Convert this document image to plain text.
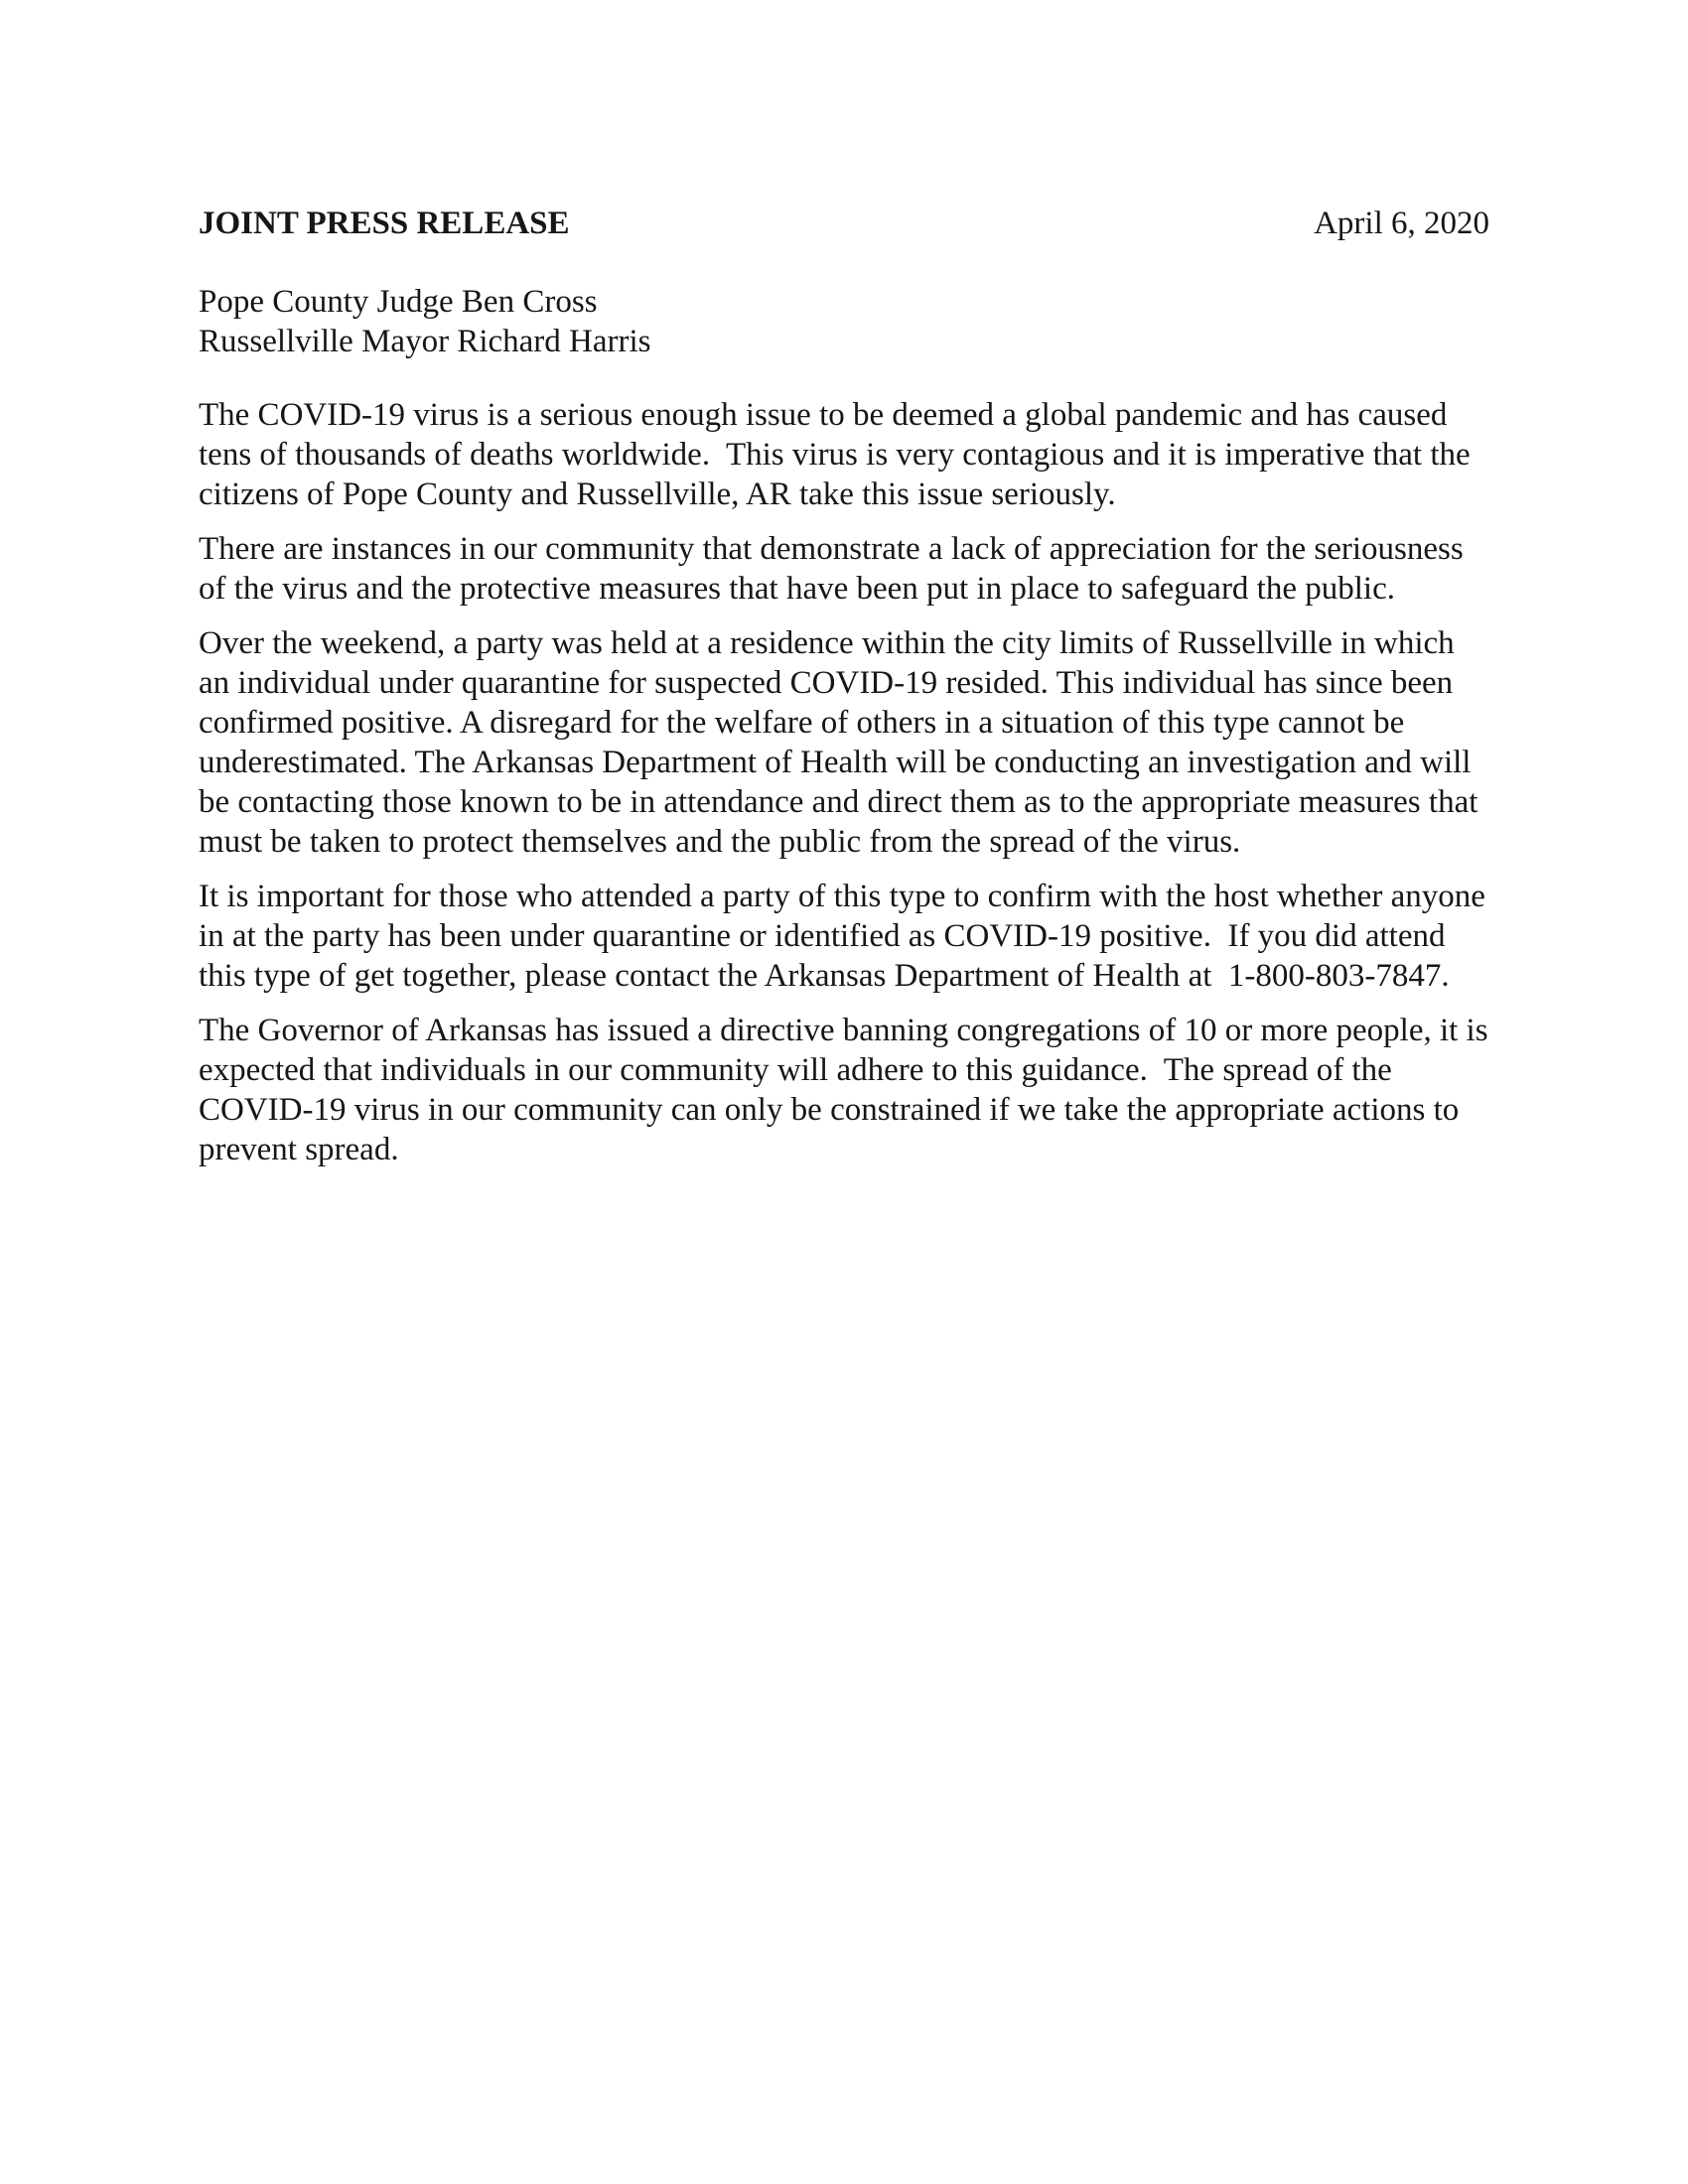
JOINT PRESS RELEASE	April 6, 2020
Pope County Judge Ben Cross
Russellville Mayor Richard Harris

The COVID-19 virus is a serious enough issue to be deemed a global pandemic and has caused tens of thousands of deaths worldwide.  This virus is very contagious and it is imperative that the citizens of Pope County and Russellville, AR take this issue seriously.

There are instances in our community that demonstrate a lack of appreciation for the seriousness of the virus and the protective measures that have been put in place to safeguard the public.

Over the weekend, a party was held at a residence within the city limits of Russellville in which an individual under quarantine for suspected COVID-19 resided. This individual has since been confirmed positive. A disregard for the welfare of others in a situation of this type cannot be underestimated. The Arkansas Department of Health will be conducting an investigation and will be contacting those known to be in attendance and direct them as to the appropriate measures that must be taken to protect themselves and the public from the spread of the virus.

It is important for those who attended a party of this type to confirm with the host whether anyone in at the party has been under quarantine or identified as COVID-19 positive.  If you did attend this type of get together, please contact the Arkansas Department of Health at  1-800-803-7847.

The Governor of Arkansas has issued a directive banning congregations of 10 or more people, it is expected that individuals in our community will adhere to this guidance.  The spread of the COVID-19 virus in our community can only be constrained if we take the appropriate actions to prevent spread.
